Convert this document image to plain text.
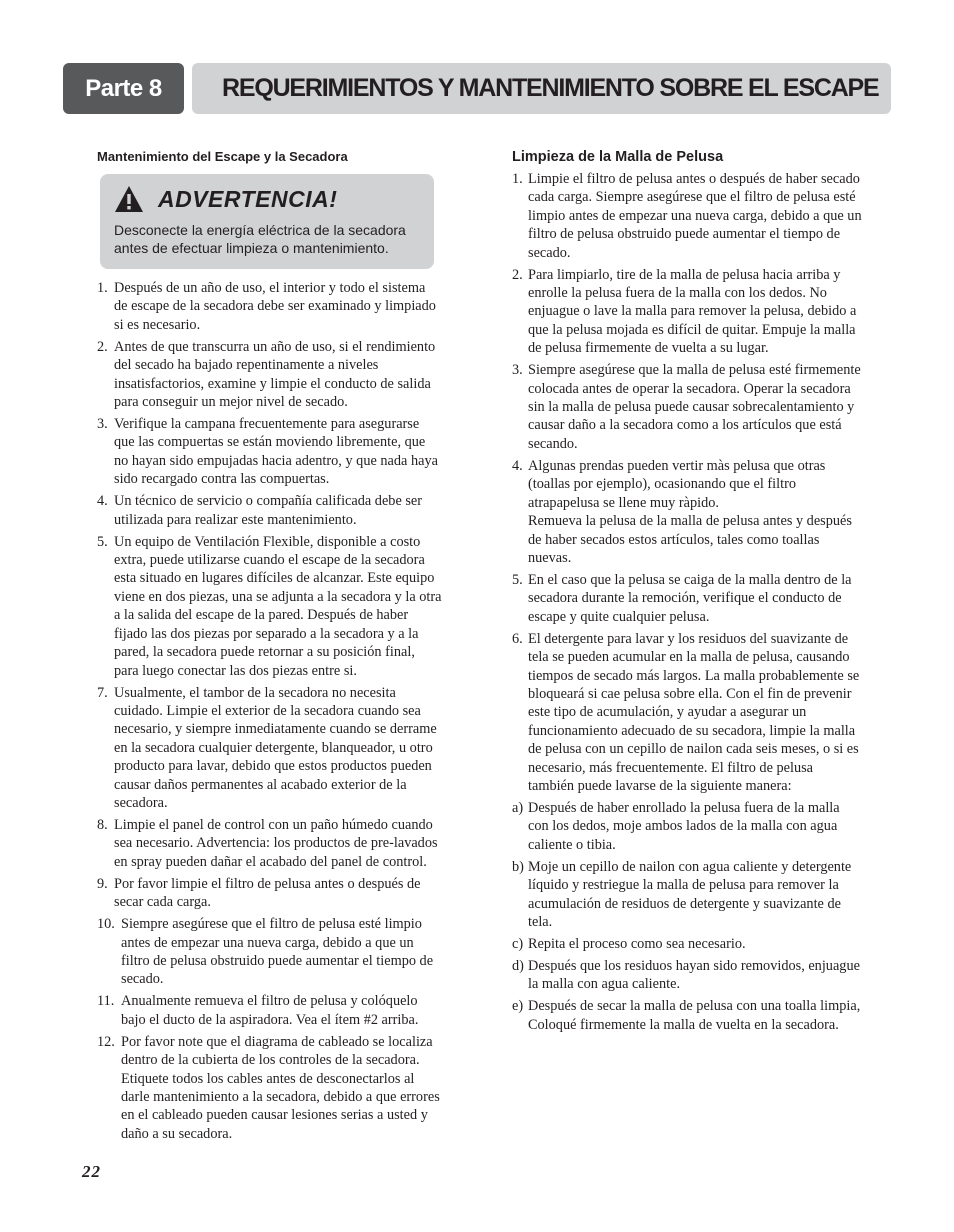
Parte 8	REQUERIMIENTOS Y MANTENIMIENTO SOBRE EL ESCAPE
Mantenimiento del Escape y la Secadora
ADVERTENCIA!
Desconecte la energía eléctrica de la secadora antes de efectuar limpieza o mantenimiento.
1. Después de un año de uso, el interior y todo el sistema de escape de la secadora debe ser examinado y limpiado si es necesario.
2. Antes de que transcurra un año de uso, si el rendimiento del secado ha bajado repentinamente a niveles insatisfactorios, examine y limpie el conducto de salida para conseguir un mejor nivel de secado.
3. Verifique la campana frecuentemente para asegurarse que las compuertas se están moviendo libremente, que no hayan sido empujadas hacia adentro, y que nada haya sido recargado contra las compuertas.
4. Un técnico de servicio o compañía calificada debe ser utilizada para realizar este mantenimiento.
5. Un equipo de Ventilación Flexible, disponible a costo extra, puede utilizarse cuando el escape de la secadora esta situado en lugares difíciles de alcanzar. Este equipo viene en dos piezas, una se adjunta a la secadora y la otra a la salida del escape de la pared. Después de haber fijado las dos piezas por separado a la secadora y a la pared, la secadora puede retornar a su posición final, para luego conectar las dos piezas entre si.
7. Usualmente, el tambor de la secadora no necesita cuidado. Limpie el exterior de la secadora cuando sea necesario, y siempre inmediatamente cuando se derrame en la secadora cualquier detergente, blanqueador, u otro producto para lavar, debido que estos productos pueden causar daños permanentes al acabado exterior de la secadora.
8. Limpie el panel de control con un paño húmedo cuando sea necesario. Advertencia: los productos de pre-lavados en spray pueden dañar el acabado del panel de control.
9. Por favor limpie el filtro de pelusa antes o después de secar cada carga.
10. Siempre asegúrese que el filtro de pelusa esté limpio antes de empezar una nueva carga, debido a que un filtro de pelusa obstruido puede aumentar el tiempo de secado.
11. Anualmente remueva el filtro de pelusa y colóquelo bajo el ducto de la aspiradora. Vea el ítem #2 arriba.
12. Por favor note que el diagrama de cableado se localiza dentro de la cubierta de los controles de la secadora. Etiquete todos los cables antes de desconectarlos al darle mantenimiento a la secadora, debido a que errores en el cableado pueden causar lesiones serias a usted y daño a su secadora.
Limpieza de la Malla de Pelusa
1. Limpie el filtro de pelusa antes o después de haber secado cada carga. Siempre asegúrese que el filtro de pelusa esté limpio antes de empezar una nueva carga, debido a que un filtro de pelusa obstruido puede aumentar el tiempo de secado.
2. Para limpiarlo, tire de la malla de pelusa hacia arriba y enrolle la pelusa fuera de la malla con los dedos. No enjuague o lave la malla para remover la pelusa, debido a que la pelusa mojada es difícil de quitar. Empuje la malla de pelusa firmemente de vuelta a su lugar.
3. Siempre asegúrese que la malla de pelusa esté firmemente colocada antes de operar la secadora. Operar la secadora sin la malla de pelusa puede causar sobrecalentamiento y causar daño a la secadora como a los artículos que está secando.
4. Algunas prendas pueden vertir màs pelusa que otras (toallas por ejemplo), ocasionando que el filtro atrapapelusa se llene muy ràpido.
Remueva la pelusa de la malla de pelusa antes y después de haber secados estos artículos, tales como toallas nuevas.
5. En el caso que la pelusa se caiga de la malla dentro de la secadora durante la remoción, verifique el conducto de escape y quite cualquier pelusa.
6. El detergente para lavar y los residuos del suavizante de tela se pueden acumular en la malla de pelusa, causando tiempos de secado más largos. La malla probablemente se bloqueará si cae pelusa sobre ella. Con el fin de prevenir este tipo de acumulación, y ayudar a asegurar un funcionamiento adecuado de su secadora, limpie la malla de pelusa con un cepillo de nailon cada seis meses, o si es necesario, más frecuentemente. El filtro de pelusa también puede lavarse de la siguiente manera:
a) Después de haber enrollado la pelusa fuera de la malla con los dedos, moje ambos lados de la malla con agua caliente o tibia.
b) Moje un cepillo de nailon con agua caliente y detergente líquido y restriegue la malla de pelusa para remover la acumulación de residuos de detergente y suavizante de tela.
c) Repita el proceso como sea necesario.
d) Después que los residuos hayan sido removidos, enjuague la malla con agua caliente.
e) Después de secar la malla de pelusa con una toalla limpia, Coloqué firmemente la malla de vuelta en la secadora.
22
